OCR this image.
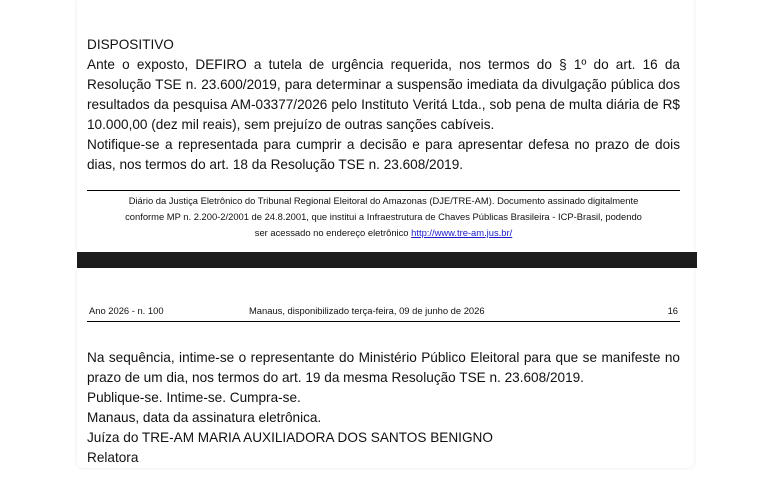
DISPOSITIVO
Ante o exposto, DEFIRO a tutela de urgência requerida, nos termos do § 1º do art. 16 da Resolução TSE n. 23.600/2019, para determinar a suspensão imediata da divulgação pública dos resultados da pesquisa AM-03377/2026 pelo Instituto Veritá Ltda., sob pena de multa diária de R$ 10.000,00 (dez mil reais), sem prejuízo de outras sanções cabíveis.
Notifique-se a representada para cumprir a decisão e para apresentar defesa no prazo de dois dias, nos termos do art. 18 da Resolução TSE n. 23.608/2019.
Diário da Justiça Eletrônico do Tribunal Regional Eleitoral do Amazonas (DJE/TRE-AM). Documento assinado digitalmente
conforme MP n. 2.200-2/2001 de 24.8.2001, que institui a Infraestrutura de Chaves Públicas Brasileira - ICP-Brasil, podendo
ser acessado no endereço eletrônico http://www.tre-am.jus.br/
Ano 2026 - n. 100	Manaus, disponibilizado terça-feira, 09 de junho de 2026	16
Na sequência, intime-se o representante do Ministério Público Eleitoral para que se manifeste no prazo de um dia, nos termos do art. 19 da mesma Resolução TSE n. 23.608/2019.
Publique-se. Intime-se. Cumpra-se.
Manaus, data da assinatura eletrônica.
Juíza do TRE-AM MARIA AUXILIADORA DOS SANTOS BENIGNO
Relatora
